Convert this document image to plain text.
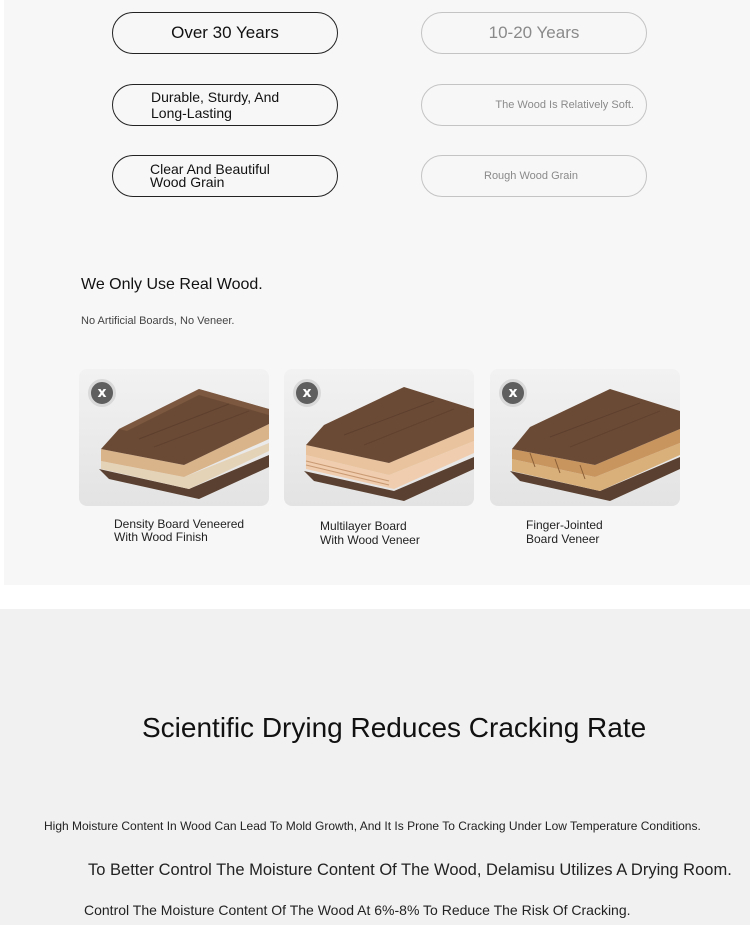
Over 30 Years	10-20 Years
Durable, Sturdy, And
Long-Lasting	The Wood Is Relatively Soft.
Clear And Beautiful
Wood Grain	Rough Wood Grain
We Only Use Real Wood.
No Artificial Boards, No Veneer.
x	x	x
Density Board Veneered
With Wood Finish
Multilayer Board
With Wood Veneer
Finger-Jointed
Board Veneer
Scientific Drying Reduces Cracking Rate
High Moisture Content In Wood Can Lead To Mold Growth, And It Is Prone To Cracking Under Low Temperature Conditions.
To Better Control The Moisture Content Of The Wood, Delamisu Utilizes A Drying Room.
Control The Moisture Content Of The Wood At 6%-8% To Reduce The Risk Of Cracking.
